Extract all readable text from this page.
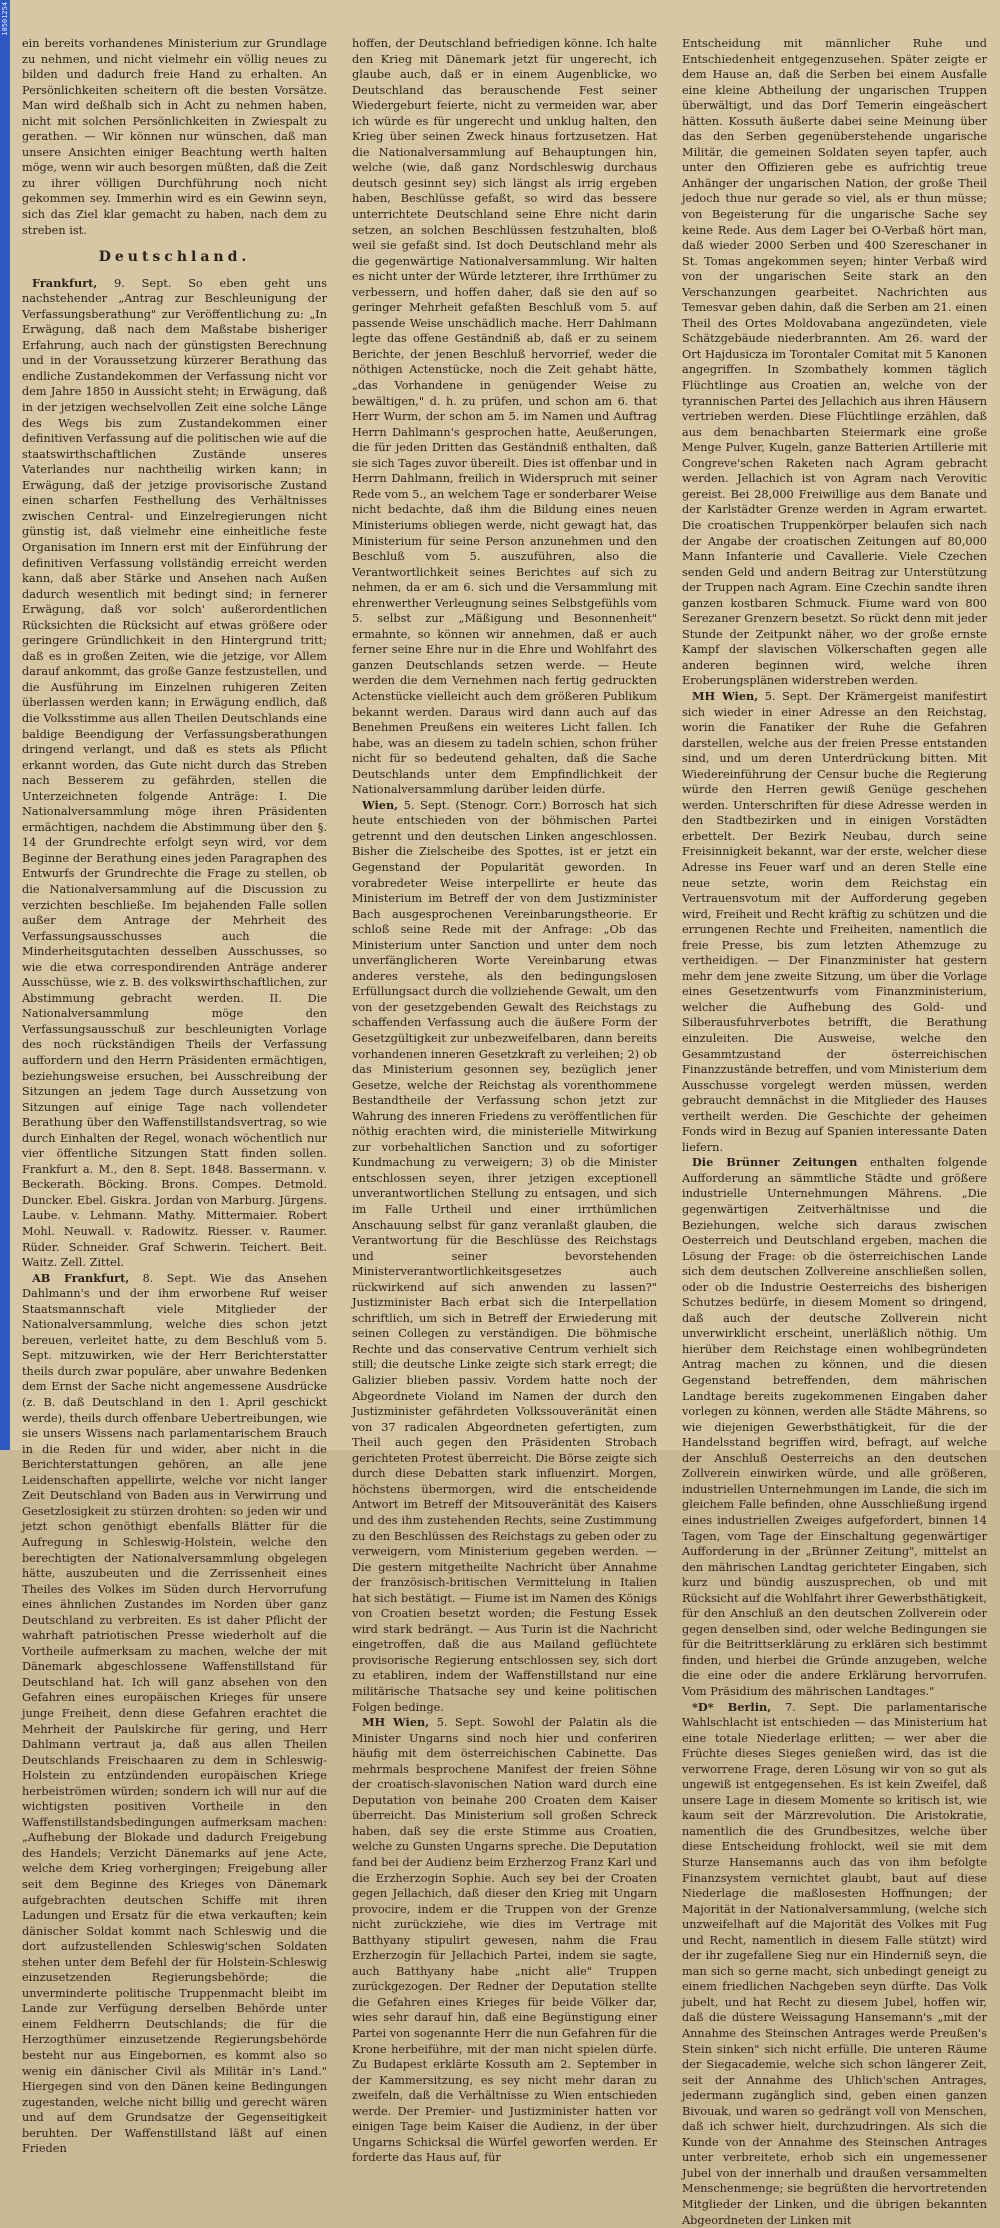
10501254

ein bereits vorhandenes Ministerium zur Grundlage zu nehmen, und nicht vielmehr ein völlig neues zu bilden und dadurch freie Hand zu erhalten. An Persönlichkeiten scheitern oft die besten Vorsätze. Man wird deßhalb sich in Acht zu nehmen haben, nicht mit solchen Persönlichkeiten in Zwiespalt zu gerathen. — Wir können nur wünschen, daß man unsere Ansichten einiger Beachtung werth halten möge, wenn wir auch besorgen müßten, daß die Zeit zu ihrer völligen Durchführung noch nicht gekommen sey. Immerhin wird es ein Gewinn seyn, sich das Ziel klar gemacht zu haben, nach dem zu streben ist.

Deutschland.

Frankfurt, 9. Sept. So eben geht uns nachstehender „Antrag zur Beschleunigung der Verfassungsberathung" zur Veröffentlichung zu: „In Erwägung, daß nach dem Maßstabe bisheriger Erfahrung, auch nach der günstigsten Berechnung und in der Voraussetzung kürzerer Berathung das endliche Zustandekommen der Verfassung nicht vor dem Jahre 1850 in Aussicht steht; in Erwägung, daß in der jetzigen wechselvollen Zeit eine solche Länge des Wegs bis zum Zustandekommen einer definitiven Verfassung auf die politischen wie auf die staatswirthschaftlichen Zustände unseres Vaterlandes nur nachtheilig wirken kann; in Erwägung, daß der jetzige provisorische Zustand einen scharfen Festhellung des Verhältnisses zwischen Central- und Einzelregierungen nicht günstig ist, daß vielmehr eine einheitliche feste Organisation im Innern erst mit der Einführung der definitiven Verfassung vollständig erreicht werden kann, daß aber Stärke und Ansehen nach Außen dadurch wesentlich mit bedingt sind; in fernerer Erwägung, daß vor solch' außerordentlichen Rücksichten die Rücksicht auf etwas größere oder geringere Gründlichkeit in den Hintergrund tritt; daß es in großen Zeiten, wie die jetzige, vor Allem darauf ankommt, das große Ganze festzustellen, und die Ausführung im Einzelnen ruhigeren Zeiten überlassen werden kann; in Erwägung endlich, daß die Volksstimme aus allen Theilen Deutschlands eine baldige Beendigung der Verfassungsberathungen dringend verlangt, und daß es stets als Pflicht erkannt worden, das Gute nicht durch das Streben nach Besserem zu gefährden, stellen die Unterzeichneten folgende Anträge: I. Die Nationalversammlung möge ihren Präsidenten ermächtigen, nachdem die Abstimmung über den §. 14 der Grundrechte erfolgt seyn wird, vor dem Beginne der Berathung eines jeden Paragraphen des Entwurfs der Grundrechte die Frage zu stellen, ob die Nationalversammlung auf die Discussion zu verzichten beschließe. Im bejahenden Falle sollen außer dem Antrage der Mehrheit des Verfassungsausschusses auch die Minderheitsgutachten desselben Ausschusses, so wie die etwa correspondirenden Anträge anderer Ausschüsse, wie z. B. des volkswirthschaftlichen, zur Abstimmung gebracht werden. II. Die Nationalversammlung möge den Verfassungsausschuß zur beschleunigten Vorlage des noch rückständigen Theils der Verfassung auffordern und den Herrn Präsidenten ermächtigen, beziehungsweise ersuchen, bei Ausschreibung der Sitzungen an jedem Tage durch Aussetzung von Sitzungen auf einige Tage nach vollendeter Berathung über den Waffenstillstandsvertrag, so wie durch Einhalten der Regel, wonach wöchentlich nur vier öffentliche Sitzungen Statt finden sollen. Frankfurt a. M., den 8. Sept. 1848. Bassermann. v. Beckerath. Böcking. Brons. Compes. Detmold. Duncker. Ebel. Giskra. Jordan von Marburg. Jürgens. Laube. v. Lehmann. Mathy. Mittermaier. Robert Mohl. Neuwall. v. Radowitz. Riesser. v. Raumer. Rüder. Schneider. Graf Schwerin. Teichert. Beit. Waitz. Zell. Zittel.

AB Frankfurt, 8. Sept. Wie das Ansehen Dahlmann's und der ihm erworbene Ruf weiser Staatsmannschaft viele Mitglieder der Nationalversammlung, welche dies schon jetzt bereuen, verleitet hatte, zu dem Beschluß vom 5. Sept. mitzuwirken, wie der Herr Berichterstatter theils durch zwar populäre, aber unwahre Bedenken dem Ernst der Sache nicht angemessene Ausdrücke (z. B. daß Deutschland in den 1. April geschickt werde), theils durch offenbare Uebertreibungen, wie sie unsers Wissens nach parlamentarischem Brauch in die Reden für und wider, aber nicht in die Berichterstattungen gehören, an alle jene Leidenschaften appellirte, welche vor nicht langer Zeit Deutschland von Baden aus in Verwirrung und Gesetzlosigkeit zu stürzen drohten: so jeden wir und jetzt schon genöthigt ebenfalls Blätter für die Aufregung in Schleswig-Holstein, welche den berechtigten der Nationalversammlung obgelegen hätte, auszubeuten und die Zerrissenheit eines Theiles des Volkes im Süden durch Hervorrufung eines ähnlichen Zustandes im Norden über ganz Deutschland zu verbreiten. Es ist daher Pflicht der wahrhaft patriotischen Presse wiederholt auf die Vortheile aufmerksam zu machen, welche der mit Dänemark abgeschlossene Waffenstillstand für Deutschland hat. Ich will ganz absehen von den Gefahren eines europäischen Krieges für unsere junge Freiheit, denn diese Gefahren erachtet die Mehrheit der Paulskirche für gering, und Herr Dahlmann vertraut ja, daß aus allen Theilen Deutschlands Freischaaren zu dem in Schleswig-Holstein zu entzündenden europäischen Kriege herbeiströmen würden; sondern ich will nur auf die wichtigsten positiven Vortheile in den Waffenstillstandsbedingungen aufmerksam machen: „Aufhebung der Blokade und dadurch Freigebung des Handels; Verzicht Dänemarks auf jene Acte, welche dem Krieg vorhergingen; Freigebung aller seit dem Beginne des Krieges von Dänemark aufgebrachten deutschen Schiffe mit ihren Ladungen und Ersatz für die etwa verkauften; kein dänischer Soldat kommt nach Schleswig und die dort aufzustellenden Schleswig'schen Soldaten stehen unter dem Befehl der für Holstein-Schleswig einzusetzenden Regierungsbehörde; die unverminderte politische Truppenmacht bleibt im Lande zur Verfügung derselben Behörde unter einem Feldherrn Deutschlands; die für die Herzogthümer einzusetzende Regierungsbehörde besteht nur aus Eingebornen, es kommt also so wenig ein dänischer Civil als Militär in's Land." Hiergegen sind von den Dänen keine Bedingungen zugestanden, welche nicht billig und gerecht wären und auf dem Grundsatze der Gegenseitigkeit beruhten. Der Waffenstillstand läßt auf einen Frieden

hoffen, der Deutschland befriedigen könne. Ich halte den Krieg mit Dänemark jetzt für ungerecht, ich glaube auch, daß er in einem Augenblicke, wo Deutschland das berauschende Fest seiner Wiedergeburt feierte, nicht zu vermeiden war, aber ich würde es für ungerecht und unklug halten, den Krieg über seinen Zweck hinaus fortzusetzen. Hat die Nationalversammlung auf Behauptungen hin, welche (wie, daß ganz Nordschleswig durchaus deutsch gesinnt sey) sich längst als irrig ergeben haben, Beschlüsse gefaßt, so wird das bessere unterrichtete Deutschland seine Ehre nicht darin setzen, an solchen Beschlüssen festzuhalten, bloß weil sie gefaßt sind. Ist doch Deutschland mehr als die gegenwärtige Nationalversammlung. Wir halten es nicht unter der Würde letzterer, ihre Irrthümer zu verbessern, und hoffen daher, daß sie den auf so geringer Mehrheit gefaßten Beschluß vom 5. auf passende Weise unschädlich mache. Herr Dahlmann legte das offene Geständniß ab, daß er zu seinem Berichte, der jenen Beschluß hervorrief, weder die nöthigen Actenstücke, noch die Zeit gehabt hätte, „das Vorhandene in genügender Weise zu bewältigen," d. h. zu prüfen, und schon am 6. that Herr Wurm, der schon am 5. im Namen und Auftrag Herrn Dahlmann's gesprochen hatte, Aeußerungen, die für jeden Dritten das Geständniß enthalten, daß sie sich Tages zuvor übereilt. Dies ist offenbar und in Herrn Dahlmann, freilich in Widerspruch mit seiner Rede vom 5., an welchem Tage er sonderbarer Weise nicht bedachte, daß ihm die Bildung eines neuen Ministeriums obliegen werde, nicht gewagt hat, das Ministerium für seine Person anzunehmen und den Beschluß vom 5. auszuführen, also die Verantwortlichkeit seines Berichtes auf sich zu nehmen, da er am 6. sich und die Versammlung mit ehrenwerther Verleugnung seines Selbstgefühls vom 5. selbst zur „Mäßigung und Besonnenheit" ermahnte, so können wir annehmen, daß er auch ferner seine Ehre nur in die Ehre und Wohlfahrt des ganzen Deutschlands setzen werde. — Heute werden die dem Vernehmen nach fertig gedruckten Actenstücke vielleicht auch dem größeren Publikum bekannt werden. Daraus wird dann auch auf das Benehmen Preußens ein weiteres Licht fallen. Ich habe, was an diesem zu tadeln schien, schon früher nicht für so bedeutend gehalten, daß die Sache Deutschlands unter dem Empfindlichkeit der Nationalversammlung darüber leiden dürfe.

Wien, 5. Sept. (Stenogr. Corr.) Borrosch hat sich heute entschieden von der böhmischen Partei getrennt und den deutschen Linken angeschlossen. Bisher die Zielscheibe des Spottes, ist er jetzt ein Gegenstand der Popularität geworden. In vorabredeter Weise interpellirte er heute das Ministerium im Betreff der von dem Justizminister Bach ausgesprochenen Vereinbarungstheorie. Er schloß seine Rede mit der Anfrage: „Ob das Ministerium unter Sanction und unter dem noch unverfänglicheren Worte Vereinbarung etwas anderes verstehe, als den bedingungslosen Erfüllungsact durch die vollziehende Gewalt, um den von der gesetzgebenden Gewalt des Reichstags zu schaffenden Verfassung auch die äußere Form der Gesetzgültigkeit zur unbezweifelbaren, dann bereits vorhandenen inneren Gesetzkraft zu verleihen; 2) ob das Ministerium gesonnen sey, bezüglich jener Gesetze, welche der Reichstag als vorenthommene Bestandtheile der Verfassung schon jetzt zur Wahrung des inneren Friedens zu veröffentlichen für nöthig erachten wird, die ministerielle Mitwirkung zur vorbehaltlichen Sanction und zu sofortiger Kundmachung zu verweigern; 3) ob die Minister entschlossen seyen, ihrer jetzigen exceptionell unverantwortlichen Stellung zu entsagen, und sich im Falle Urtheil und einer irrthümlichen Anschauung selbst für ganz veranlaßt glauben, die Verantwortung für die Beschlüsse des Reichstags und seiner bevorstehenden Ministerverantwortlichkeitsgesetzes auch rückwirkend auf sich anwenden zu lassen?" Justizminister Bach erbat sich die Interpellation schriftlich, um sich in Betreff der Erwiederung mit seinen Collegen zu verständigen. Die böhmische Rechte und das conservative Centrum verhielt sich still; die deutsche Linke zeigte sich stark erregt; die Galizier blieben passiv. Vordem hatte noch der Abgeordnete Violand im Namen der durch den Justizminister gefährdeten Volkssouveränität einen von 37 radicalen Abgeordneten gefertigten, zum Theil auch gegen den Präsidenten Strobach gerichteten Protest überreicht. Die Börse zeigte sich durch diese Debatten stark influenzirt. Morgen, höchstens übermorgen, wird die entscheidende Antwort im Betreff der Mitsouveränität des Kaisers und des ihm zustehenden Rechts, seine Zustimmung zu den Beschlüssen des Reichstags zu geben oder zu verweigern, vom Ministerium gegeben werden. — Die gestern mitgetheilte Nachricht über Annahme der französisch-britischen Vermittelung in Italien hat sich bestätigt. — Fiume ist im Namen des Königs von Croatien besetzt worden; die Festung Essek wird stark bedrängt. — Aus Turin ist die Nachricht eingetroffen, daß die aus Mailand geflüchtete provisorische Regierung entschlossen sey, sich dort zu etabliren, indem der Waffenstillstand nur eine militärische Thatsache sey und keine politischen Folgen bedinge.

MH Wien, 5. Sept. Sowohl der Palatin als die Minister Ungarns sind noch hier und conferiren häufig mit dem österreichischen Cabinette. Das mehrmals besprochene Manifest der freien Söhne der croatisch-slavonischen Nation ward durch eine Deputation von beinahe 200 Croaten dem Kaiser überreicht. Das Ministerium soll großen Schreck haben, daß sey die erste Stimme aus Croatien, welche zu Gunsten Ungarns spreche. Die Deputation fand bei der Audienz beim Erzherzog Franz Karl und die Erzherzogin Sophie. Auch sey bei der Croaten gegen Jellachich, daß dieser den Krieg mit Ungarn provocire, indem er die Truppen von der Grenze nicht zurückziehe, wie dies im Vertrage mit Batthyany stipulirt gewesen, nahm die Frau Erzherzogin für Jellachich Partei, indem sie sagte, auch Batthyany habe „nicht alle" Truppen zurückgezogen. Der Redner der Deputation stellte die Gefahren eines Krieges für beide Völker dar, wies sehr darauf hin, daß eine Begünstigung einer Partei von sogenannte Herr die nun Gefahren für die Krone herbeiführe, mit der man nicht spielen dürfe. Zu Budapest erklärte Kossuth am 2. September in der Kammersitzung, es sey nicht mehr daran zu zweifeln, daß die Verhältnisse zu Wien entschieden werde. Der Premier- und Justizminister hatten vor einigen Tage beim Kaiser die Audienz, in der über Ungarns Schicksal die Würfel geworfen werden. Er forderte das Haus auf, für

Entscheidung mit männlicher Ruhe und Entschiedenheit entgegenzusehen. Später zeigte er dem Hause an, daß die Serben bei einem Ausfalle eine kleine Abtheilung der ungarischen Truppen überwältigt, und das Dorf Temerin eingeäschert hätten. Kossuth äußerte dabei seine Meinung über das den Serben gegenüberstehende ungarische Militär, die gemeinen Soldaten seyen tapfer, auch unter den Offizieren gebe es aufrichtig treue Anhänger der ungarischen Nation, der große Theil jedoch thue nur gerade so viel, als er thun müsse; von Begeisterung für die ungarische Sache sey keine Rede. Aus dem Lager bei O-Verbaß hört man, daß wieder 2000 Serben und 400 Szereschaner in St. Tomas angekommen seyen; hinter Verbaß wird von der ungarischen Seite stark an den Verschanzungen gearbeitet. Nachrichten aus Temesvar geben dahin, daß die Serben am 21. einen Theil des Ortes Moldovabana angezündeten, viele Schätzgebäude niederbrannten. Am 26. ward der Ort Hajdusicza im Torontaler Comitat mit 5 Kanonen angegriffen. In Szombathely kommen täglich Flüchtlinge aus Croatien an, welche von der tyrannischen Partei des Jellachich aus ihren Häusern vertrieben werden. Diese Flüchtlinge erzählen, daß aus dem benachbarten Steiermark eine große Menge Pulver, Kugeln, ganze Batterien Artillerie mit Congreve'schen Raketen nach Agram gebracht werden. Jellachich ist von Agram nach Verovitic gereist. Bei 28,000 Freiwillige aus dem Banate und der Karlstädter Grenze werden in Agram erwartet. Die croatischen Truppenkörper belaufen sich nach der Angabe der croatischen Zeitungen auf 80,000 Mann Infanterie und Cavallerie. Viele Czechen senden Geld und andern Beitrag zur Unterstützung der Truppen nach Agram. Eine Czechin sandte ihren ganzen kostbaren Schmuck. Fiume ward von 800 Serezaner Grenzern besetzt. So rückt denn mit jeder Stunde der Zeitpunkt näher, wo der große ernste Kampf der slavischen Völkerschaften gegen alle anderen beginnen wird, welche ihren Eroberungsplänen widerstreben werden.

MH Wien, 5. Sept. Der Krämergeist manifestirt sich wieder in einer Adresse an den Reichstag, worin die Fanatiker der Ruhe die Gefahren darstellen, welche aus der freien Presse entstanden sind, und um deren Unterdrückung bitten. Mit Wiedereinführung der Censur buche die Regierung würde den Herren gewiß Genüge geschehen werden. Unterschriften für diese Adresse werden in den Stadtbezirken und in einigen Vorstädten erbettelt. Der Bezirk Neubau, durch seine Freisinnigkeit bekannt, war der erste, welcher diese Adresse ins Feuer warf und an deren Stelle eine neue setzte, worin dem Reichstag ein Vertrauensvotum mit der Aufforderung gegeben wird, Freiheit und Recht kräftig zu schützen und die errungenen Rechte und Freiheiten, namentlich die freie Presse, bis zum letzten Athemzuge zu vertheidigen. — Der Finanzminister hat gestern mehr dem jene zweite Sitzung, um über die Vorlage eines Gesetzentwurfs vom Finanzministerium, welcher die Aufhebung des Gold- und Silberausfuhrverbotes betrifft, die Berathung einzuleiten. Die Ausweise, welche den Gesammtzustand der österreichischen Finanzzustände betreffen, und vom Ministerium dem Ausschusse vorgelegt werden müssen, werden gebraucht demnächst in die Mitglieder des Hauses vertheilt werden. Die Geschichte der geheimen Fonds wird in Bezug auf Spanien interessante Daten liefern.

Die Brünner Zeitungen enthalten folgende Aufforderung an sämmtliche Städte und größere industrielle Unternehmungen Mährens. „Die gegenwärtigen Zeitverhältnisse und die Beziehungen, welche sich daraus zwischen Oesterreich und Deutschland ergeben, machen die Lösung der Frage: ob die österreichischen Lande sich dem deutschen Zollvereine anschließen sollen, oder ob die Industrie Oesterreichs des bisherigen Schutzes bedürfe, in diesem Moment so dringend, daß auch der deutsche Zollverein nicht unverwirklicht erscheint, unerläßlich nöthig. Um hierüber dem Reichstage einen wohlbegründeten Antrag machen zu können, und die diesen Gegenstand betreffenden, dem mährischen Landtage bereits zugekommenen Eingaben daher vorlegen zu können, werden alle Städte Mährens, so wie diejenigen Gewerbsthätigkeit, für die der Handelsstand begriffen wird, befragt, auf welche der Anschluß Oesterreichs an den deutschen Zollverein einwirken würde, und alle größeren, industriellen Unternehmungen im Lande, die sich im gleichem Falle befinden, ohne Ausschließung irgend eines industriellen Zweiges aufgefordert, binnen 14 Tagen, vom Tage der Einschaltung gegenwärtiger Aufforderung in der „Brünner Zeitung", mittelst an den mährischen Landtag gerichteter Eingaben, sich kurz und bündig auszusprechen, ob und mit Rücksicht auf die Wohlfahrt ihrer Gewerbsthätigkeit, für den Anschluß an den deutschen Zollverein oder gegen denselben sind, oder welche Bedingungen sie für die Beitrittserklärung zu erklären sich bestimmt finden, und hierbei die Gründe anzugeben, welche die eine oder die andere Erklärung hervorrufen. Vom Präsidium des mährischen Landtages."

*D* Berlin, 7. Sept. Die parlamentarische Wahlschlacht ist entschieden — das Ministerium hat eine totale Niederlage erlitten; — wer aber die Früchte dieses Sieges genießen wird, das ist die verworrene Frage, deren Lösung wir von so gut als ungewiß ist entgegensehen. Es ist kein Zweifel, daß unsere Lage in diesem Momente so kritisch ist, wie kaum seit der Märzrevolution. Die Aristokratie, namentlich die des Grundbesitzes, welche über diese Entscheidung frohlockt, weil sie mit dem Sturze Hansemanns auch das von ihm befolgte Finanzsystem vernichtet glaubt, baut auf diese Niederlage die maßlosesten Hoffnungen; der Majorität in der Nationalversammlung, (welche sich unzweifelhaft auf die Majorität des Volkes mit Fug und Recht, namentlich in diesem Falle stützt) wird der ihr zugefallene Sieg nur ein Hinderniß seyn, die man sich so gerne macht, sich unbedingt geneigt zu einem friedlichen Nachgeben seyn dürfte. Das Volk jubelt, und hat Recht zu diesem Jubel, hoffen wir, daß die düstere Weissagung Hansemann's „mit der Annahme des Steinschen Antrages werde Preußen's Stein sinken" sich nicht erfülle. Die unteren Räume der Siegacademie, welche sich schon längerer Zeit, seit der Annahme des Uhlich'schen Antrages, jedermann zugänglich sind, geben einen ganzen Bivouak, und waren so gedrängt voll von Menschen, daß ich schwer hielt, durchzudringen. Als sich die Kunde von der Annahme des Steinschen Antrages unter verbreitete, erhob sich ein ungemessener Jubel von der innerhalb und draußen versammelten Menschenmenge; sie begrüßten die hervortretenden Mitglieder der Linken, und die übrigen bekannten Abgeordneten der Linken mit
